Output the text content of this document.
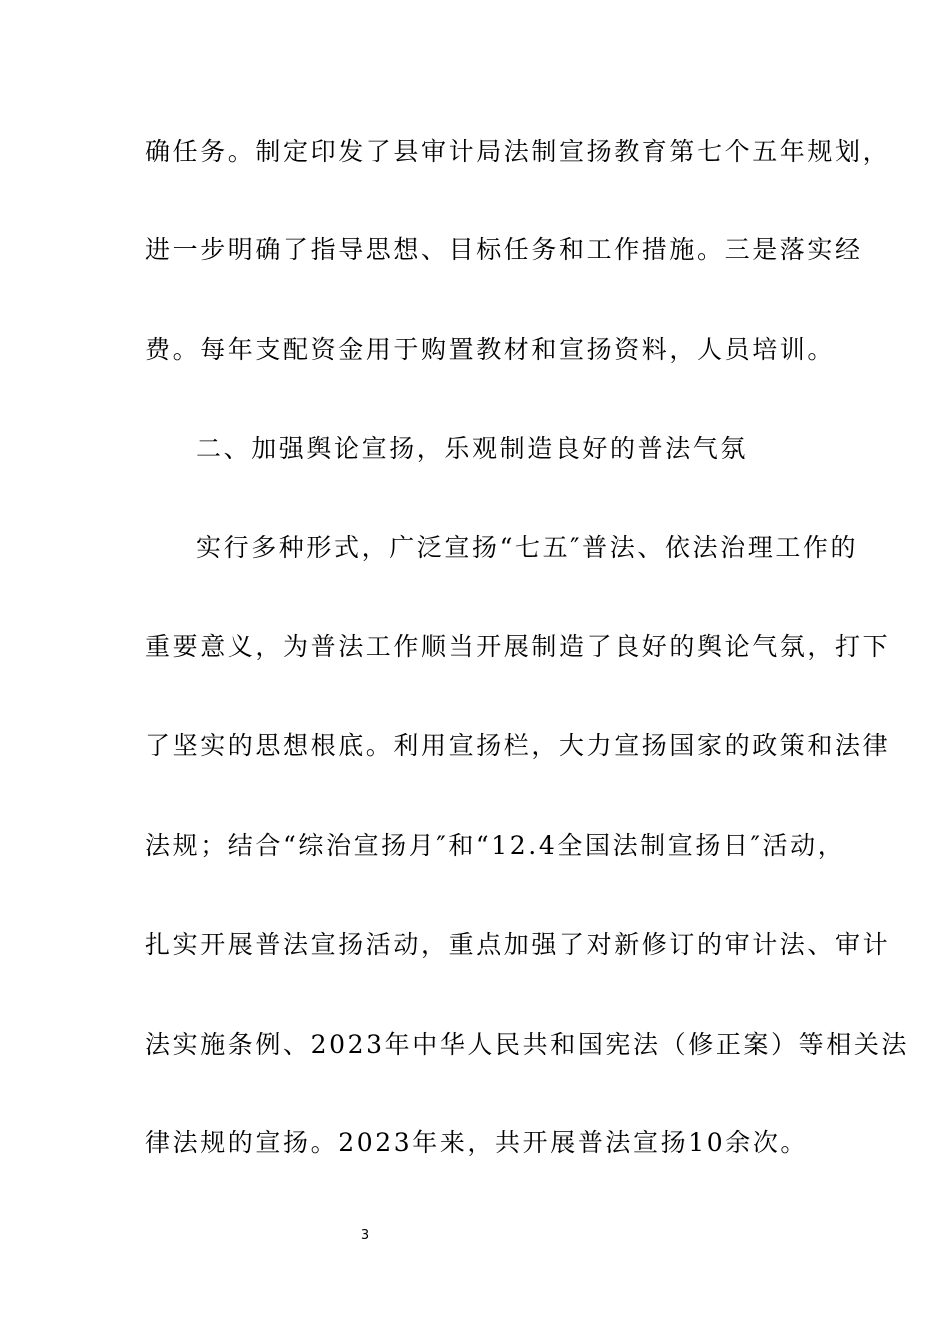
确任务。制定印发了县审计局法制宣扬教育第七个五年规划，
进一步明确了指导思想、目标任务和工作措施。三是落实经
费。每年支配资金用于购置教材和宣扬资料，人员培训。
二、加强舆论宣扬，乐观制造良好的普法气氛
实行多种形式，广泛宣扬“七五″普法、依法治理工作的
重要意义，为普法工作顺当开展制造了良好的舆论气氛，打下
了坚实的思想根底。利用宣扬栏，大力宣扬国家的政策和法律
法规；结合“综治宣扬月″和“12.4全国法制宣扬日″活动，
扎实开展普法宣扬活动，重点加强了对新修订的审计法、审计
法实施条例、2023年中华人民共和国宪法（修正案）等相关法
律法规的宣扬。2023年来，共开展普法宣扬10余次。
3
